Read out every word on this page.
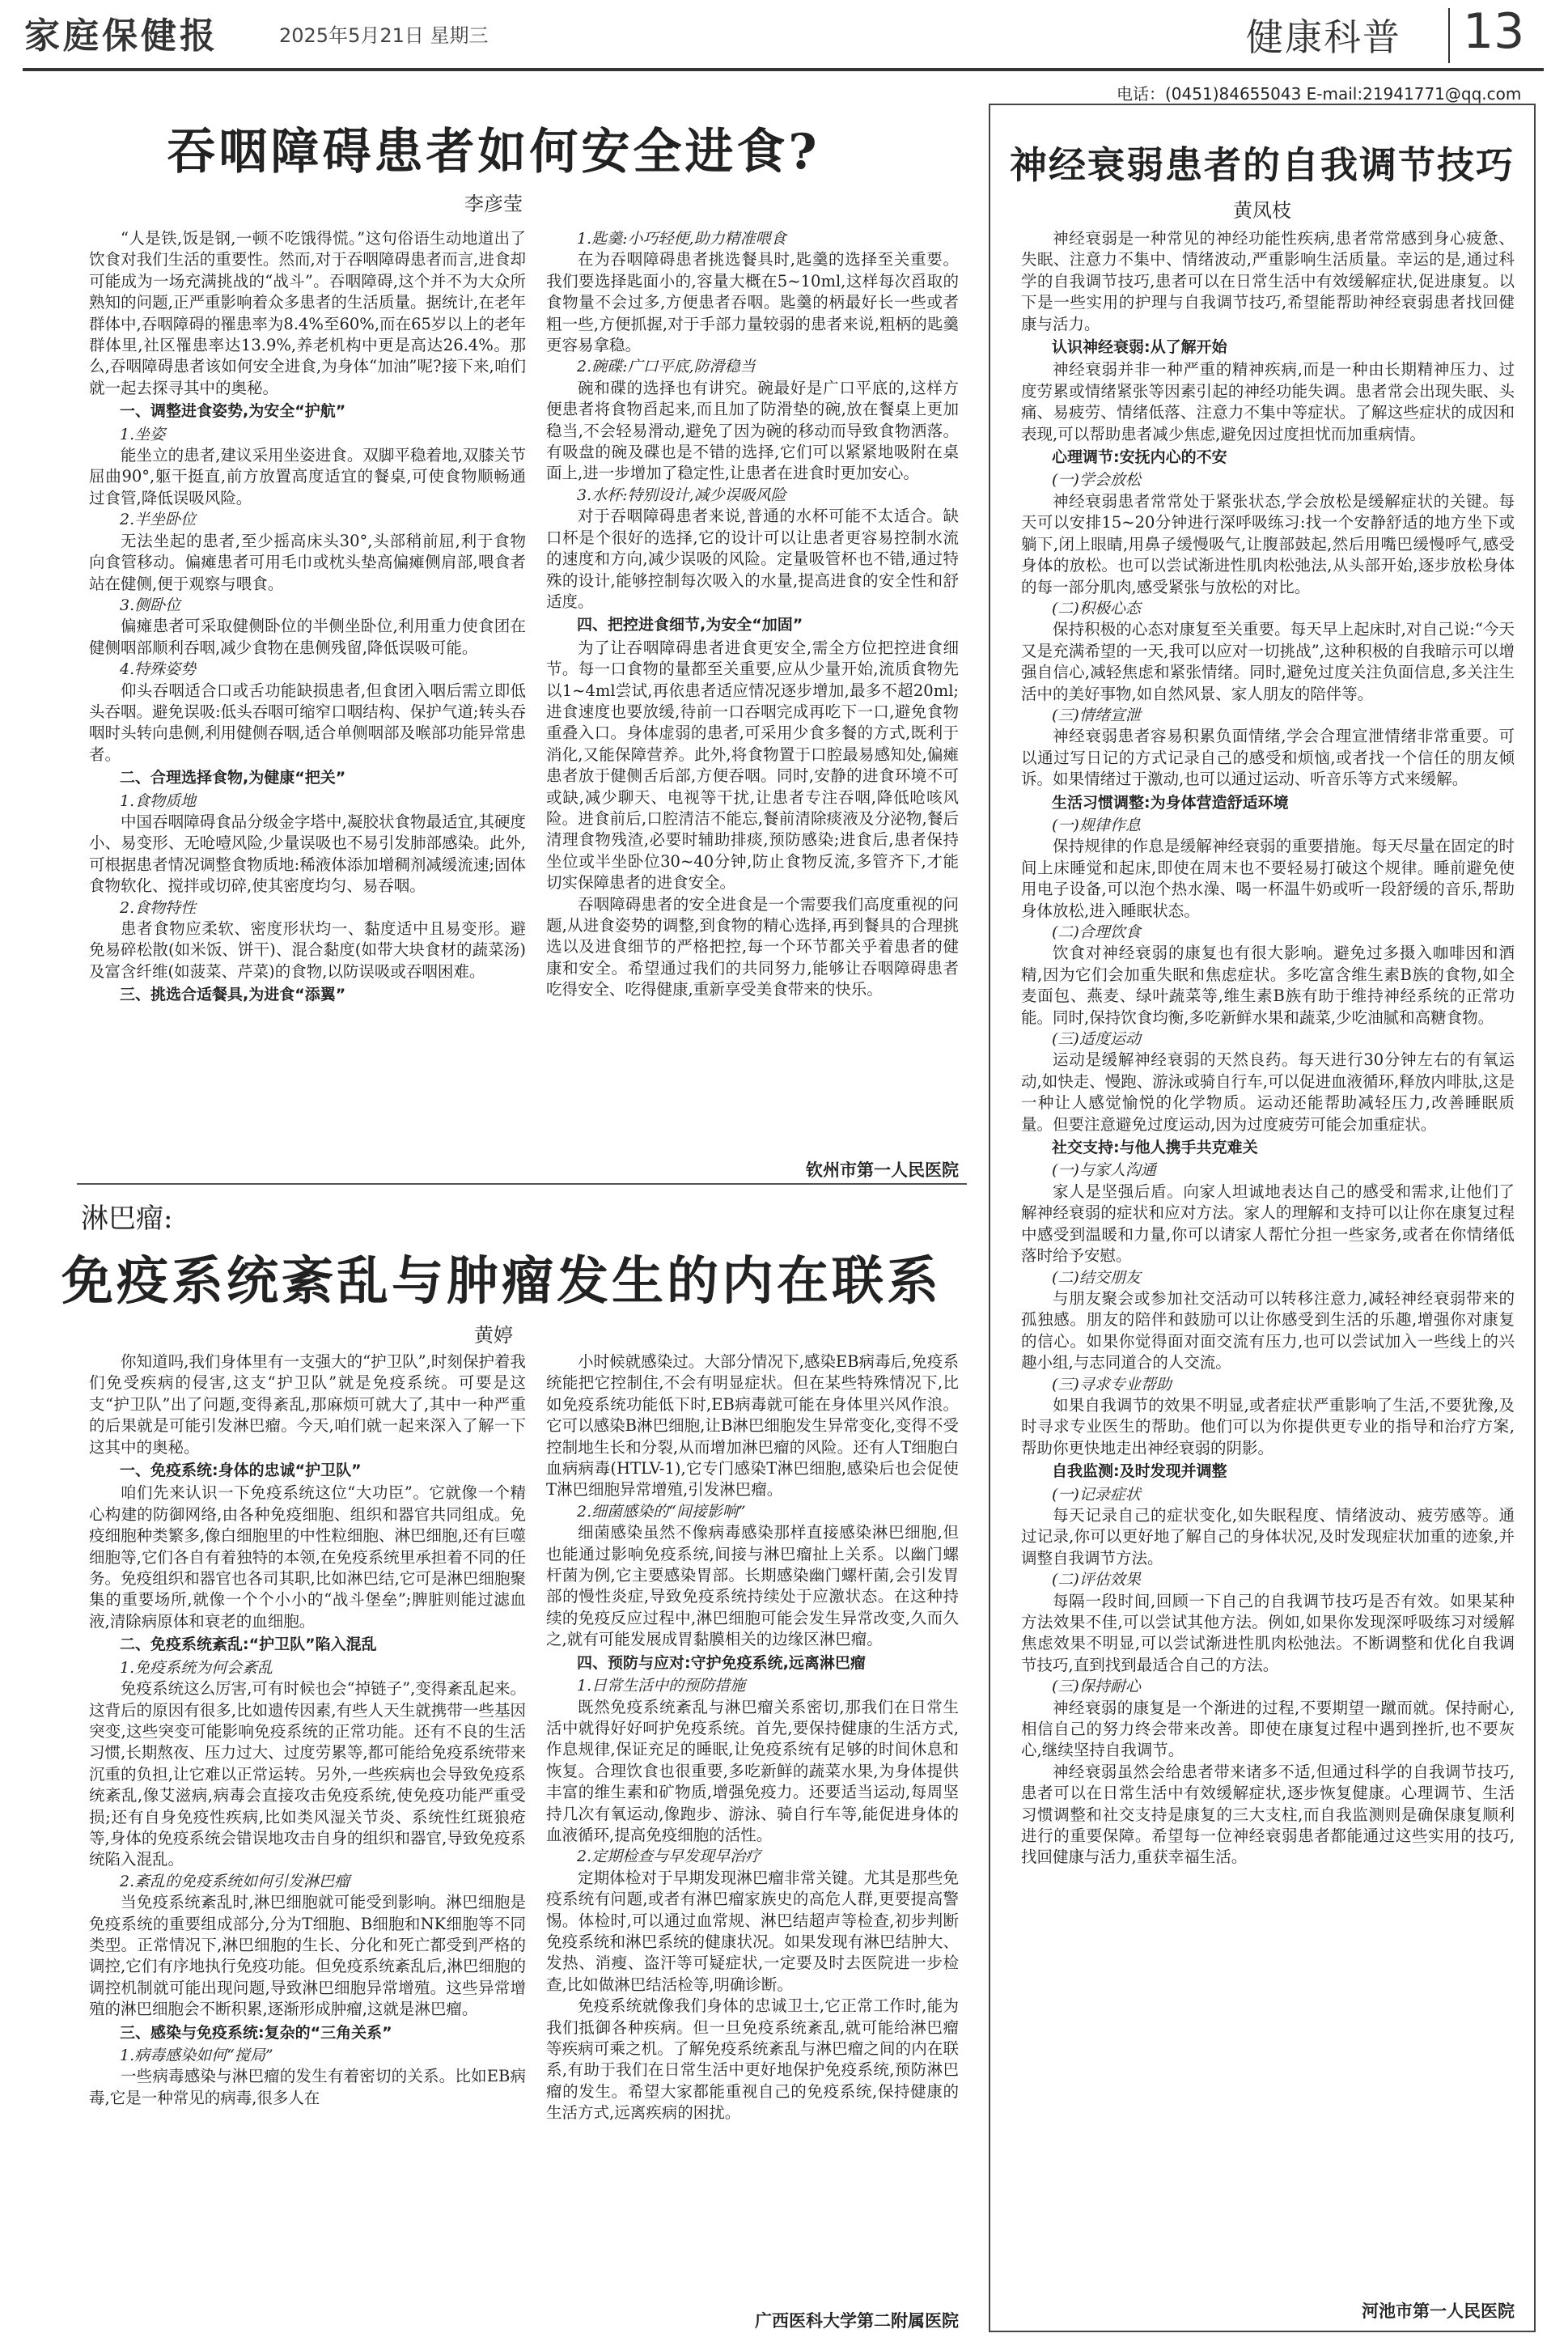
家庭保健报	2025年5月21日 星期三	健康科普 13
电话：(0451)84655043 E-mail:21941771@qq.com
吞咽障碍患者如何安全进食?
李彦莹

“人是铁,饭是钢,一顿不吃饿得慌。”这句俗语生动地道出了饮食对我们生活的重要性。然而,对于吞咽障碍患者而言,进食却可能成为一场充满挑战的“战斗”。吞咽障碍,这个并不为大众所熟知的问题,正严重影响着众多患者的生活质量。据统计,在老年群体中,吞咽障碍的罹患率为8.4%至60%,而在65岁以上的老年群体里,社区罹患率达13.9%,养老机构中更是高达26.4%。那么,吞咽障碍患者该如何安全进食,为身体“加油”呢?接下来,咱们就一起去探寻其中的奥秘。

一、调整进食姿势,为安全“护航”

1.坐姿

能坐立的患者,建议采用坐姿进食。双脚平稳着地,双膝关节屈曲90°,躯干挺直,前方放置高度适宜的餐桌,可使食物顺畅通过食管,降低误吸风险。

2.半坐卧位

无法坐起的患者,至少摇高床头30°,头部稍前屈,利于食物向食管移动。偏瘫患者可用毛巾或枕头垫高偏瘫侧肩部,喂食者站在健侧,便于观察与喂食。

3.侧卧位

偏瘫患者可采取健侧卧位的半侧坐卧位,利用重力使食团在健侧咽部顺利吞咽,减少食物在患侧残留,降低误吸可能。

4.特殊姿势

仰头吞咽适合口或舌功能缺损患者,但食团入咽后需立即低头吞咽。避免误吸:低头吞咽可缩窄口咽结构、保护气道;转头吞咽时头转向患侧,利用健侧吞咽,适合单侧咽部及喉部功能异常患者。

二、合理选择食物,为健康“把关”

1.食物质地

中国吞咽障碍食品分级金字塔中,凝胶状食物最适宜,其硬度小、易变形、无呛噎风险,少量误吸也不易引发肺部感染。此外,可根据患者情况调整食物质地:稀液体添加增稠剂减缓流速;固体食物软化、搅拌或切碎,使其密度均匀、易吞咽。

2.食物特性

患者食物应柔软、密度形状均一、黏度适中且易变形。避免易碎松散(如米饭、饼干)、混合黏度(如带大块食材的蔬菜汤)及富含纤维(如菠菜、芹菜)的食物,以防误吸或吞咽困难。

三、挑选合适餐具,为进食“添翼”

1.匙羹:小巧轻便,助力精准喂食

在为吞咽障碍患者挑选餐具时,匙羹的选择至关重要。我们要选择匙面小的,容量大概在5~10ml,这样每次舀取的食物量不会过多,方便患者吞咽。匙羹的柄最好长一些或者粗一些,方便抓握,对于手部力量较弱的患者来说,粗柄的匙羹更容易拿稳。

2.碗碟:广口平底,防滑稳当

碗和碟的选择也有讲究。碗最好是广口平底的,这样方便患者将食物舀起来,而且加了防滑垫的碗,放在餐桌上更加稳当,不会轻易滑动,避免了因为碗的移动而导致食物洒落。有吸盘的碗及碟也是不错的选择,它们可以紧紧地吸附在桌面上,进一步增加了稳定性,让患者在进食时更加安心。

3.水杯:特别设计,减少误吸风险

对于吞咽障碍患者来说,普通的水杯可能不太适合。缺口杯是个很好的选择,它的设计可以让患者更容易控制水流的速度和方向,减少误吸的风险。定量吸管杯也不错,通过特殊的设计,能够控制每次吸入的水量,提高进食的安全性和舒适度。

四、把控进食细节,为安全“加固”

为了让吞咽障碍患者进食更安全,需全方位把控进食细节。每一口食物的量都至关重要,应从少量开始,流质食物先以1~4ml尝试,再依患者适应情况逐步增加,最多不超20ml;进食速度也要放缓,待前一口吞咽完成再吃下一口,避免食物重叠入口。身体虚弱的患者,可采用少食多餐的方式,既利于消化,又能保障营养。此外,将食物置于口腔最易感知处,偏瘫患者放于健侧舌后部,方便吞咽。同时,安静的进食环境不可或缺,减少聊天、电视等干扰,让患者专注吞咽,降低呛咳风险。进食前后,口腔清洁不能忘,餐前清除痰液及分泌物,餐后清理食物残渣,必要时辅助排痰,预防感染;进食后,患者保持坐位或半坐卧位30~40分钟,防止食物反流,多管齐下,才能切实保障患者的进食安全。

吞咽障碍患者的安全进食是一个需要我们高度重视的问题,从进食姿势的调整,到食物的精心选择,再到餐具的合理挑选以及进食细节的严格把控,每一个环节都关乎着患者的健康和安全。希望通过我们的共同努力,能够让吞咽障碍患者吃得安全、吃得健康,重新享受美食带来的快乐。

钦州市第一人民医院
淋巴瘤:
免疫系统紊乱与肿瘤发生的内在联系
黄婷

你知道吗,我们身体里有一支强大的“护卫队”,时刻保护着我们免受疾病的侵害,这支“护卫队”就是免疫系统。可要是这支“护卫队”出了问题,变得紊乱,那麻烦可就大了,其中一种严重的后果就是可能引发淋巴瘤。今天,咱们就一起来深入了解一下这其中的奥秘。

一、免疫系统:身体的忠诚“护卫队”

咱们先来认识一下免疫系统这位“大功臣”。它就像一个精心构建的防御网络,由各种免疫细胞、组织和器官共同组成。免疫细胞种类繁多,像白细胞里的中性粒细胞、淋巴细胞,还有巨噬细胞等,它们各自有着独特的本领,在免疫系统里承担着不同的任务。免疫组织和器官也各司其职,比如淋巴结,它可是淋巴细胞聚集的重要场所,就像一个个小小的“战斗堡垒”;脾脏则能过滤血液,清除病原体和衰老的血细胞。

二、免疫系统紊乱:“护卫队”陷入混乱

1.免疫系统为何会紊乱

免疫系统这么厉害,可有时候也会“掉链子”,变得紊乱起来。这背后的原因有很多,比如遗传因素,有些人天生就携带一些基因突变,这些突变可能影响免疫系统的正常功能。还有不良的生活习惯,长期熬夜、压力过大、过度劳累等,都可能给免疫系统带来沉重的负担,让它难以正常运转。另外,一些疾病也会导致免疫系统紊乱,像艾滋病,病毒会直接攻击免疫系统,使免疫功能严重受损;还有自身免疫性疾病,比如类风湿关节炎、系统性红斑狼疮等,身体的免疫系统会错误地攻击自身的组织和器官,导致免疫系统陷入混乱。

2.紊乱的免疫系统如何引发淋巴瘤

当免疫系统紊乱时,淋巴细胞就可能受到影响。淋巴细胞是免疫系统的重要组成部分,分为T细胞、B细胞和NK细胞等不同类型。正常情况下,淋巴细胞的生长、分化和死亡都受到严格的调控,它们有序地执行免疫功能。但免疫系统紊乱后,淋巴细胞的调控机制就可能出现问题,导致淋巴细胞异常增殖。这些异常增殖的淋巴细胞会不断积累,逐渐形成肿瘤,这就是淋巴瘤。

三、感染与免疫系统:复杂的“三角关系”

1.病毒感染如何“搅局”

一些病毒感染与淋巴瘤的发生有着密切的关系。比如EB病毒,它是一种常见的病毒,很多人在

小时候就感染过。大部分情况下,感染EB病毒后,免疫系统能把它控制住,不会有明显症状。但在某些特殊情况下,比如免疫系统功能低下时,EB病毒就可能在身体里兴风作浪。它可以感染B淋巴细胞,让B淋巴细胞发生异常变化,变得不受控制地生长和分裂,从而增加淋巴瘤的风险。还有人T细胞白血病病毒(HTLV-1),它专门感染T淋巴细胞,感染后也会促使T淋巴细胞异常增殖,引发淋巴瘤。

2.细菌感染的“间接影响”

细菌感染虽然不像病毒感染那样直接感染淋巴细胞,但也能通过影响免疫系统,间接与淋巴瘤扯上关系。以幽门螺杆菌为例,它主要感染胃部。长期感染幽门螺杆菌,会引发胃部的慢性炎症,导致免疫系统持续处于应激状态。在这种持续的免疫反应过程中,淋巴细胞可能会发生异常改变,久而久之,就有可能发展成胃黏膜相关的边缘区淋巴瘤。

四、预防与应对:守护免疫系统,远离淋巴瘤

1.日常生活中的预防措施

既然免疫系统紊乱与淋巴瘤关系密切,那我们在日常生活中就得好好呵护免疫系统。首先,要保持健康的生活方式,作息规律,保证充足的睡眠,让免疫系统有足够的时间休息和恢复。合理饮食也很重要,多吃新鲜的蔬菜水果,为身体提供丰富的维生素和矿物质,增强免疫力。还要适当运动,每周坚持几次有氧运动,像跑步、游泳、骑自行车等,能促进身体的血液循环,提高免疫细胞的活性。

2.定期检查与早发现早治疗

定期体检对于早期发现淋巴瘤非常关键。尤其是那些免疫系统有问题,或者有淋巴瘤家族史的高危人群,更要提高警惕。体检时,可以通过血常规、淋巴结超声等检查,初步判断免疫系统和淋巴系统的健康状况。如果发现有淋巴结肿大、发热、消瘦、盗汗等可疑症状,一定要及时去医院进一步检查,比如做淋巴结活检等,明确诊断。

免疫系统就像我们身体的忠诚卫士,它正常工作时,能为我们抵御各种疾病。但一旦免疫系统紊乱,就可能给淋巴瘤等疾病可乘之机。了解免疫系统紊乱与淋巴瘤之间的内在联系,有助于我们在日常生活中更好地保护免疫系统,预防淋巴瘤的发生。希望大家都能重视自己的免疫系统,保持健康的生活方式,远离疾病的困扰。

广西医科大学第二附属医院
神经衰弱患者的自我调节技巧
黄凤枝

神经衰弱是一种常见的神经功能性疾病,患者常常感到身心疲惫、失眠、注意力不集中、情绪波动,严重影响生活质量。幸运的是,通过科学的自我调节技巧,患者可以在日常生活中有效缓解症状,促进康复。以下是一些实用的护理与自我调节技巧,希望能帮助神经衰弱患者找回健康与活力。

认识神经衰弱:从了解开始

神经衰弱并非一种严重的精神疾病,而是一种由长期精神压力、过度劳累或情绪紧张等因素引起的神经功能失调。患者常会出现失眠、头痛、易疲劳、情绪低落、注意力不集中等症状。了解这些症状的成因和表现,可以帮助患者减少焦虑,避免因过度担忧而加重病情。

心理调节:安抚内心的不安

(一)学会放松

神经衰弱患者常常处于紧张状态,学会放松是缓解症状的关键。每天可以安排15~20分钟进行深呼吸练习:找一个安静舒适的地方坐下或躺下,闭上眼睛,用鼻子缓慢吸气,让腹部鼓起,然后用嘴巴缓慢呼气,感受身体的放松。也可以尝试渐进性肌肉松弛法,从头部开始,逐步放松身体的每一部分肌肉,感受紧张与放松的对比。

(二)积极心态

保持积极的心态对康复至关重要。每天早上起床时,对自己说:“今天又是充满希望的一天,我可以应对一切挑战”,这种积极的自我暗示可以增强自信心,减轻焦虑和紧张情绪。同时,避免过度关注负面信息,多关注生活中的美好事物,如自然风景、家人朋友的陪伴等。

(三)情绪宣泄

神经衰弱患者容易积累负面情绪,学会合理宣泄情绪非常重要。可以通过写日记的方式记录自己的感受和烦恼,或者找一个信任的朋友倾诉。如果情绪过于激动,也可以通过运动、听音乐等方式来缓解。

生活习惯调整:为身体营造舒适环境

(一)规律作息

保持规律的作息是缓解神经衰弱的重要措施。每天尽量在固定的时间上床睡觉和起床,即使在周末也不要轻易打破这个规律。睡前避免使用电子设备,可以泡个热水澡、喝一杯温牛奶或听一段舒缓的音乐,帮助身体放松,进入睡眠状态。

(二)合理饮食

饮食对神经衰弱的康复也有很大影响。避免过多摄入咖啡因和酒精,因为它们会加重失眠和焦虑症状。多吃富含维生素B族的食物,如全麦面包、燕麦、绿叶蔬菜等,维生素B族有助于维持神经系统的正常功能。同时,保持饮食均衡,多吃新鲜水果和蔬菜,少吃油腻和高糖食物。

(三)适度运动

运动是缓解神经衰弱的天然良药。每天进行30分钟左右的有氧运动,如快走、慢跑、游泳或骑自行车,可以促进血液循环,释放内啡肽,这是一种让人感觉愉悦的化学物质。运动还能帮助减轻压力,改善睡眠质量。但要注意避免过度运动,因为过度疲劳可能会加重症状。

社交支持:与他人携手共克难关

(一)与家人沟通

家人是坚强后盾。向家人坦诚地表达自己的感受和需求,让他们了解神经衰弱的症状和应对方法。家人的理解和支持可以让你在康复过程中感受到温暖和力量,你可以请家人帮忙分担一些家务,或者在你情绪低落时给予安慰。

(二)结交朋友

与朋友聚会或参加社交活动可以转移注意力,减轻神经衰弱带来的孤独感。朋友的陪伴和鼓励可以让你感受到生活的乐趣,增强你对康复的信心。如果你觉得面对面交流有压力,也可以尝试加入一些线上的兴趣小组,与志同道合的人交流。

(三)寻求专业帮助

如果自我调节的效果不明显,或者症状严重影响了生活,不要犹豫,及时寻求专业医生的帮助。他们可以为你提供更专业的指导和治疗方案,帮助你更快地走出神经衰弱的阴影。

自我监测:及时发现并调整

(一)记录症状

每天记录自己的症状变化,如失眠程度、情绪波动、疲劳感等。通过记录,你可以更好地了解自己的身体状况,及时发现症状加重的迹象,并调整自我调节方法。

(二)评估效果

每隔一段时间,回顾一下自己的自我调节技巧是否有效。如果某种方法效果不佳,可以尝试其他方法。例如,如果你发现深呼吸练习对缓解焦虑效果不明显,可以尝试渐进性肌肉松弛法。不断调整和优化自我调节技巧,直到找到最适合自己的方法。

(三)保持耐心

神经衰弱的康复是一个渐进的过程,不要期望一蹴而就。保持耐心,相信自己的努力终会带来改善。即使在康复过程中遇到挫折,也不要灰心,继续坚持自我调节。

神经衰弱虽然会给患者带来诸多不适,但通过科学的自我调节技巧,患者可以在日常生活中有效缓解症状,逐步恢复健康。心理调节、生活习惯调整和社交支持是康复的三大支柱,而自我监测则是确保康复顺利进行的重要保障。希望每一位神经衰弱患者都能通过这些实用的技巧,找回健康与活力,重获幸福生活。

河池市第一人民医院
